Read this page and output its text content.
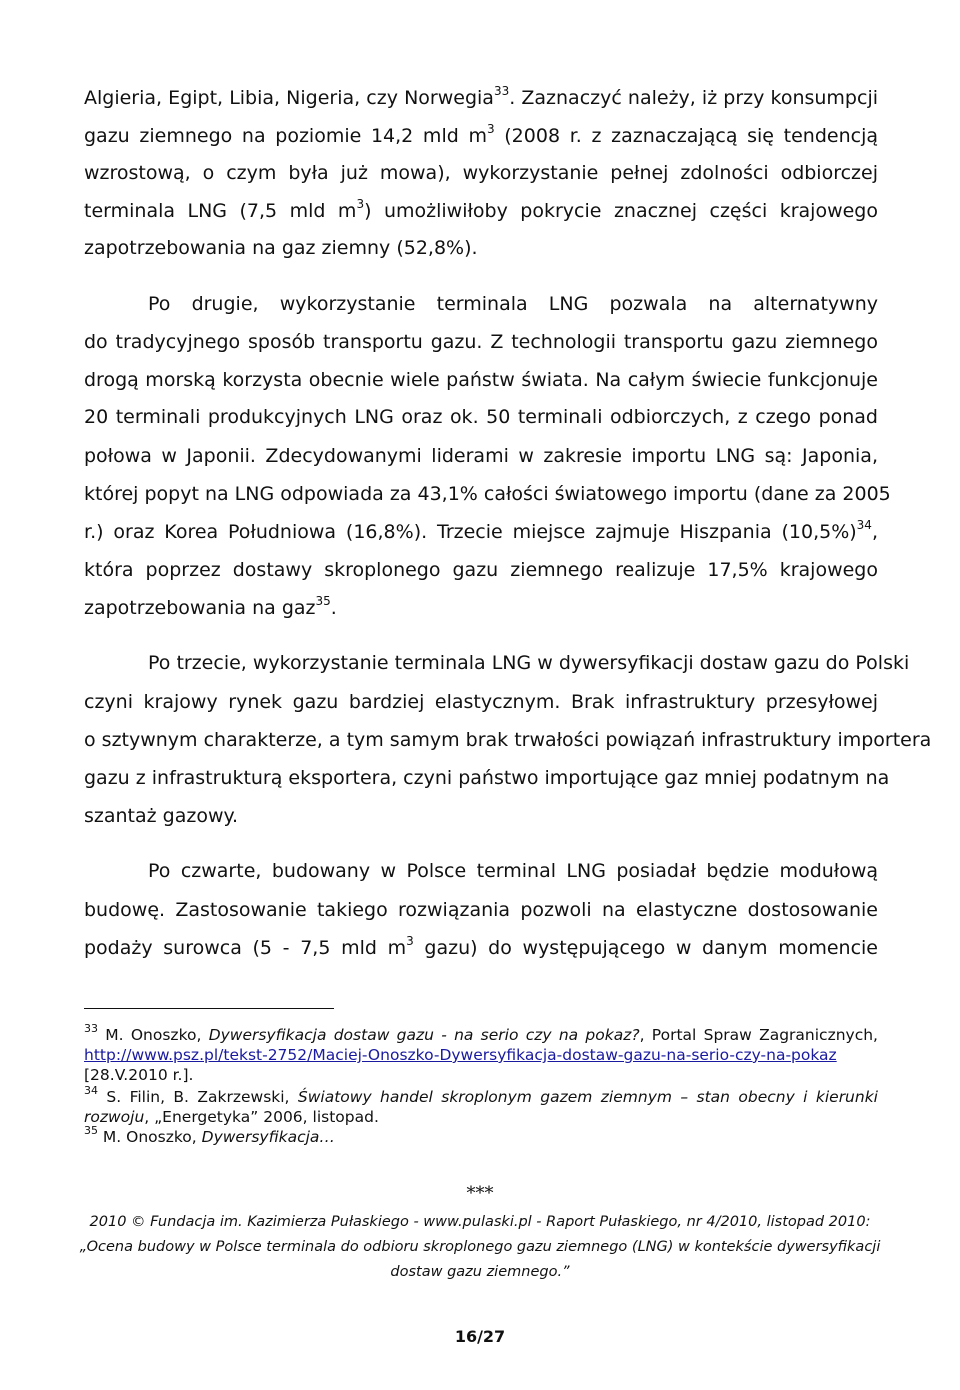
Algieria, Egipt, Libia, Nigeria, czy Norwegia$^{33}$. Zaznaczyć należy, iż przy konsumpcji
gazu ziemnego na poziomie 14,2 mld $m^3$ (2008 r. z zaznaczającą się tendencją
wzrostową, o czym była już mowa), wykorzystanie pełnej zdolności odbiorczej
terminala LNG (7,5 mld $m^3$) umożliwiłoby pokrycie znacznej części krajowego
zapotrzebowania na gaz ziemny (52,8%).
Po drugie, wykorzystanie terminala LNG pozwala na alternatywny
do tradycyjnego sposób transportu gazu. Z technologii transportu gazu ziemnego
drogą morską korzysta obecnie wiele państw świata. Na całym świecie funkcjonuje
20 terminali produkcyjnych LNG oraz ok. 50 terminali odbiorczych, z czego ponad
połowa w Japonii. Zdecydowanymi liderami w zakresie importu LNG są: Japonia,
której popyt na LNG odpowiada za 43,1% całości światowego importu (dane za 2005
r.) oraz Korea Południowa (16,8%). Trzecie miejsce zajmuje Hiszpania $(10,5\%)^{34}$,
która poprzez dostawy skroplonego gazu ziemnego realizuje 17,5% krajowego
zapotrzebowania na gaz$^{35}$.
Po trzecie, wykorzystanie terminala LNG w dywersyfikacji dostaw gazu do Polski
czyni krajowy rynek gazu bardziej elastycznym. Brak infrastruktury przesyłowej
o sztywnym charakterze, a tym samym brak trwałości powiązań infrastruktury importera
gazu z infrastrukturą eksportera, czyni państwo importujące gaz mniej podatnym na
szantaż gazowy.
Po czwarte, budowany w Polsce terminal LNG posiadał będzie modułową
budowę. Zastosowanie takiego rozwiązania pozwoli na elastyczne dostosowanie
podaży surowca (5 - 7,5 mld $m^3$ gazu) do występującego w danym momencie
$^{33}$ M. Onoszko, Dywersyfikacja dostaw gazu - na serio czy na pokaz?, Portal Spraw Zagranicznych,
http://www.psz.pl/tekst-2752/Maciej-Onoszko-Dywersyfikacja-dostaw-gazu-na-serio-czy-na-pokaz
[28.V.2010 r.].
$^{34}$ S. Filin, B. Zakrzewski, Światowy handel skroplonym gazem ziemnym – stan obecny i kierunki
rozwoju, „Energetyka” 2006, listopad.
$^{35}$ M. Onoszko, Dywersyfikacja…
***
2010 © Fundacja im. Kazimierza Pułaskiego - www.pulaski.pl - Raport Pułaskiego, nr 4/2010, listopad 2010:
„Ocena budowy w Polsce terminala do odbioru skroplonego gazu ziemnego (LNG) w kontekście dywersyfikacji
dostaw gazu ziemnego.”
16/27
